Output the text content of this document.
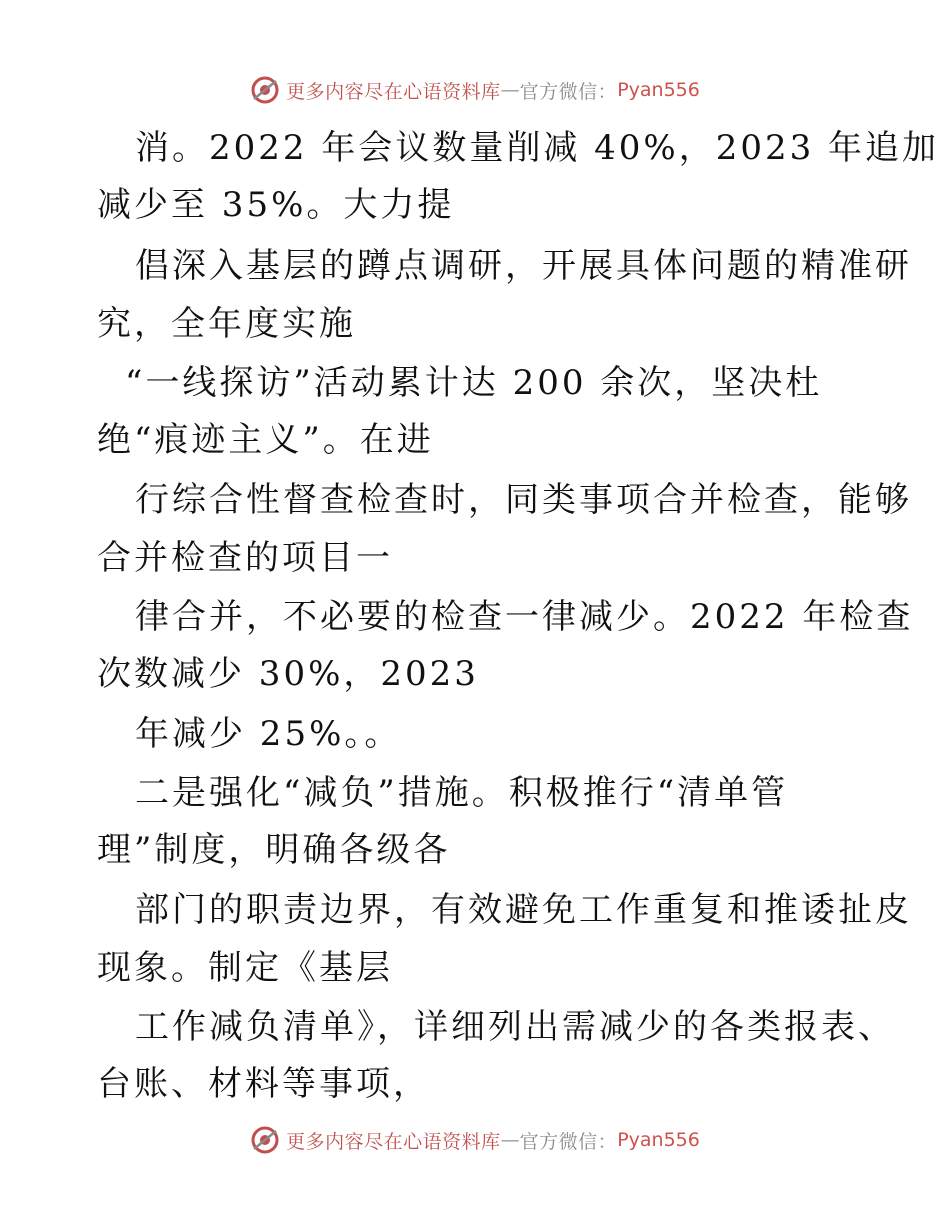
更多内容尽在心语资料库 — 官方微信： Pyan556
消。2022 年会议数量削减 40%，2023 年追加
减少至 35%。大力提
倡深入基层的蹲点调研，开展具体问题的精准研
究，全年度实施
“一线探访”活动累计达 200 余次，坚决杜
绝“痕迹主义”。在进
行综合性督查检查时，同类事项合并检查，能够
合并检查的项目一
律合并，不必要的检查一律减少。2022 年检查
次数减少 30%，2023
年减少 25%。。
二是强化“减负”措施。积极推行“清单管
理”制度，明确各级各
部门的职责边界，有效避免工作重复和推诿扯皮
现象。制定《基层
工作减负清单》，详细列出需减少的各类报表、
台账、材料等事项，
更多内容尽在心语资料库 — 官方微信： Pyan556
